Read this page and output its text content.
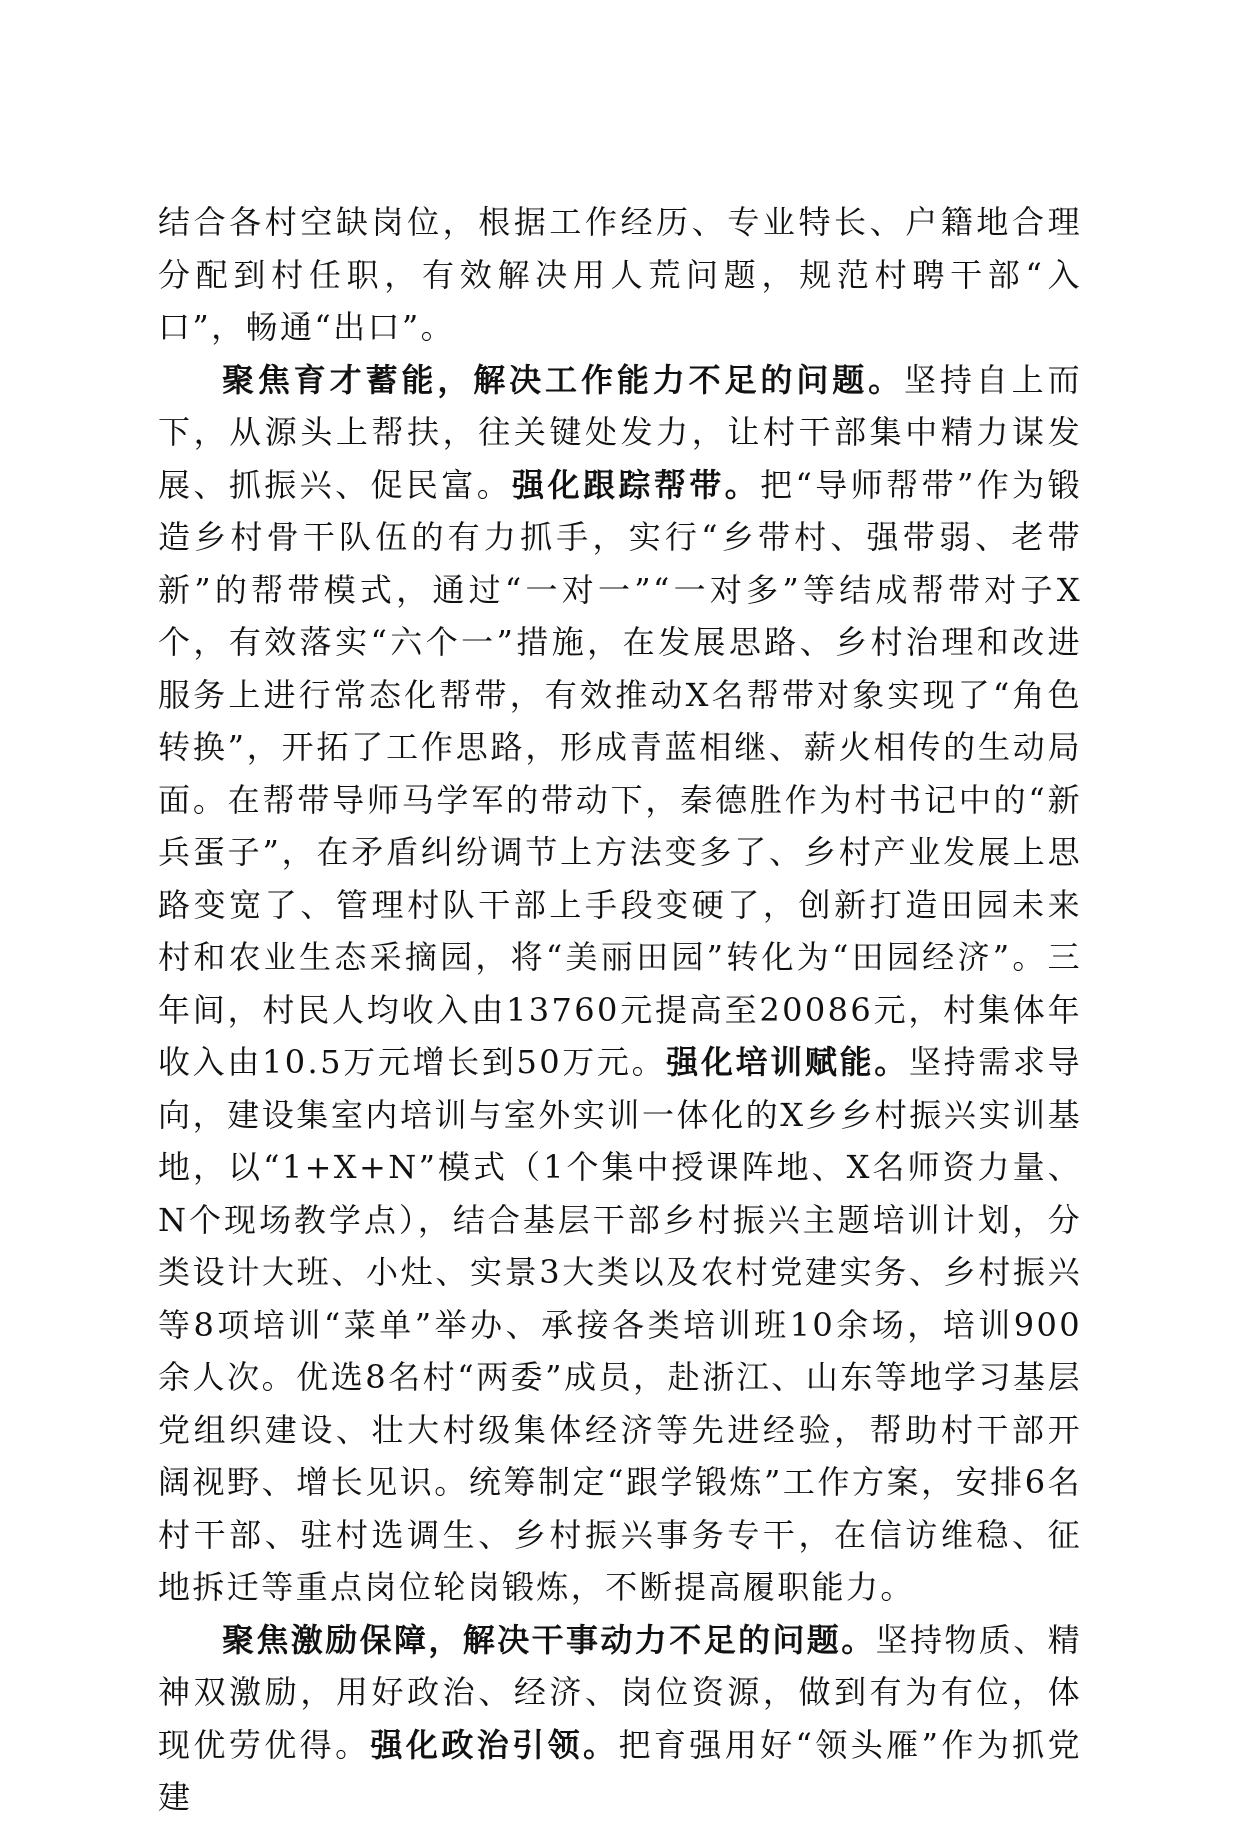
结合各村空缺岗位，根据工作经历、专业特长、户籍地合理分配到村任职，有效解决用人荒问题，规范村聘干部“入口”，畅通“出口”。

聚焦育才蓄能，解决工作能力不足的问题。坚持自上而下，从源头上帮扶，往关键处发力，让村干部集中精力谋发展、抓振兴、促民富。强化跟踪帮带。把“导师帮带”作为锻造乡村骨干队伍的有力抓手，实行“乡带村、强带弱、老带新”的帮带模式，通过“一对一”“一对多”等结成帮带对子X个，有效落实“六个一”措施，在发展思路、乡村治理和改进服务上进行常态化帮带，有效推动X名帮带对象实现了“角色转换”，开拓了工作思路，形成青蓝相继、薪火相传的生动局面。在帮带导师马学军的带动下，秦德胜作为村书记中的“新兵蛋子”，在矛盾纠纷调节上方法变多了、乡村产业发展上思路变宽了、管理村队干部上手段变硬了，创新打造田园未来村和农业生态采摘园，将“美丽田园”转化为“田园经济”。三年间，村民人均收入由13760元提高至20086元，村集体年收入由10.5万元增长到50万元。强化培训赋能。坚持需求导向，建设集室内培训与室外实训一体化的X乡乡村振兴实训基地，以“1+X+N”模式（1个集中授课阵地、X名师资力量、N个现场教学点），结合基层干部乡村振兴主题培训计划，分类设计大班、小灶、实景3大类以及农村党建实务、乡村振兴等8项培训“菜单”举办、承接各类培训班10余场，培训900余人次。优选8名村“两委”成员，赴浙江、山东等地学习基层党组织建设、壮大村级集体经济等先进经验，帮助村干部开阔视野、增长见识。统筹制定“跟学锻炼”工作方案，安排6名村干部、驻村选调生、乡村振兴事务专干，在信访维稳、征地拆迁等重点岗位轮岗锻炼，不断提高履职能力。

聚焦激励保障，解决干事动力不足的问题。坚持物质、精神双激励，用好政治、经济、岗位资源，做到有为有位，体现优劳优得。强化政治引领。把育强用好“领头雁”作为抓党建
